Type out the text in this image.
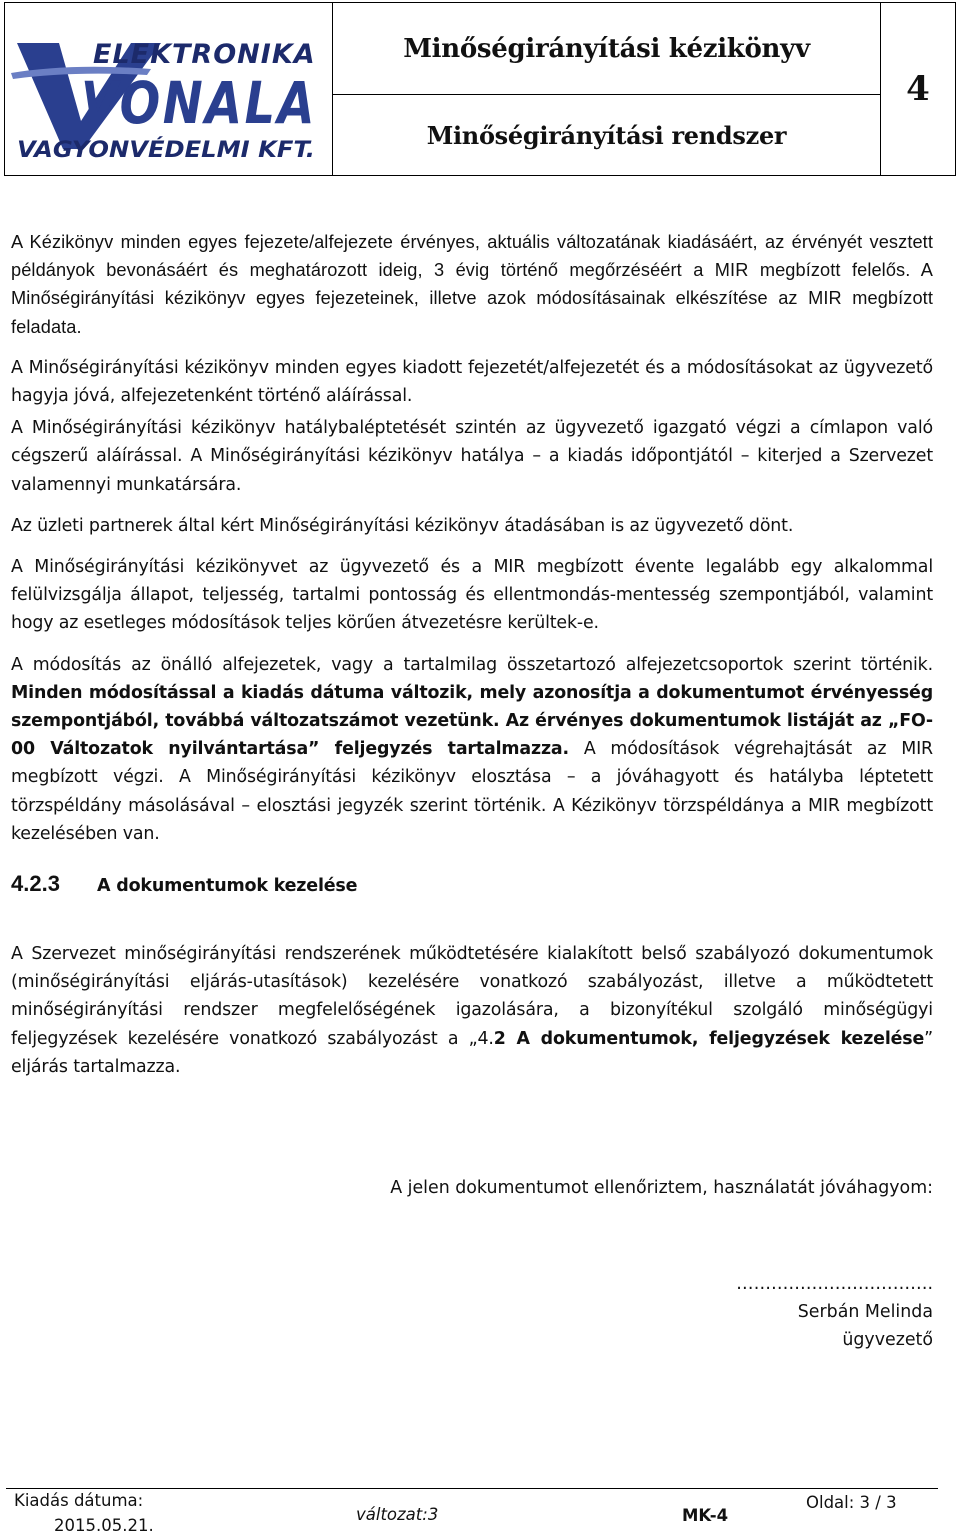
ELEKTRONIKA
VONALA
VAGYONVÉDELMI KFT.
Minőségirányítási kézikönyv
Minőségirányítási rendszer
4

A Kézikönyv minden egyes fejezete/alfejezete érvényes, aktuális változatának kiadásáért, az érvényét vesztett példányok bevonásáért és meghatározott ideig, 3 évig történő megőrzéséért a MIR megbízott felelős. A Minőségirányítási kézikönyv egyes fejezeteinek, illetve azok módosításainak elkészítése az MIR megbízott feladata.

A Minőségirányítási kézikönyv minden egyes kiadott fejezetét/alfejezetét és a módosításokat az ügyvezető hagyja jóvá, alfejezetenként történő aláírással.

A Minőségirányítási kézikönyv hatálybaléptetését szintén az ügyvezető igazgató végzi a címlapon való cégszerű aláírással. A Minőségirányítási kézikönyv hatálya – a kiadás időpontjától – kiterjed a Szervezet valamennyi munkatársára.

Az üzleti partnerek által kért Minőségirányítási kézikönyv átadásában is az ügyvezető dönt.

A Minőségirányítási kézikönyvet az ügyvezető és a MIR megbízott évente legalább egy alkalommal felülvizsgálja állapot, teljesség, tartalmi pontosság és ellentmondás-mentesség szempontjából, valamint hogy az esetleges módosítások teljes körűen átvezetésre kerültek-e.

A módosítás az önálló alfejezetek, vagy a tartalmilag összetartozó alfejezetcsoportok szerint történik. Minden módosítással a kiadás dátuma változik, mely azonosítja a dokumentumot érvényesség szempontjából, továbbá változatszámot vezetünk. Az érvényes dokumentumok listáját az „FO-00 Változatok nyilvántartása” feljegyzés tartalmazza. A módosítások végrehajtását az MIR megbízott végzi. A Minőségirányítási kézikönyv elosztása – a jóváhagyott és hatályba léptetett törzspéldány másolásával – elosztási jegyzék szerint történik. A Kézikönyv törzspéldánya a MIR megbízott kezelésében van.

4.2.3	A dokumentumok kezelése

A Szervezet minőségirányítási rendszerének működtetésére kialakított belső szabályozó dokumentumok (minőségirányítási eljárás-utasítások) kezelésére vonatkozó szabályozást, illetve a működtetett minőségirányítási rendszer megfelelőségének igazolására, a bizonyítékul szolgáló minőségügyi feljegyzések kezelésére vonatkozó szabályozást a „4.2 A dokumentumok, feljegyzések kezelése” eljárás tartalmazza.

A jelen dokumentumot ellenőriztem, használatát jóváhagyom:
…………………………….
Serbán Melinda
ügyvezető
Kiadás dátuma:
2015.05.21.
változat:3	MK-4
Oldal: 3 / 3
